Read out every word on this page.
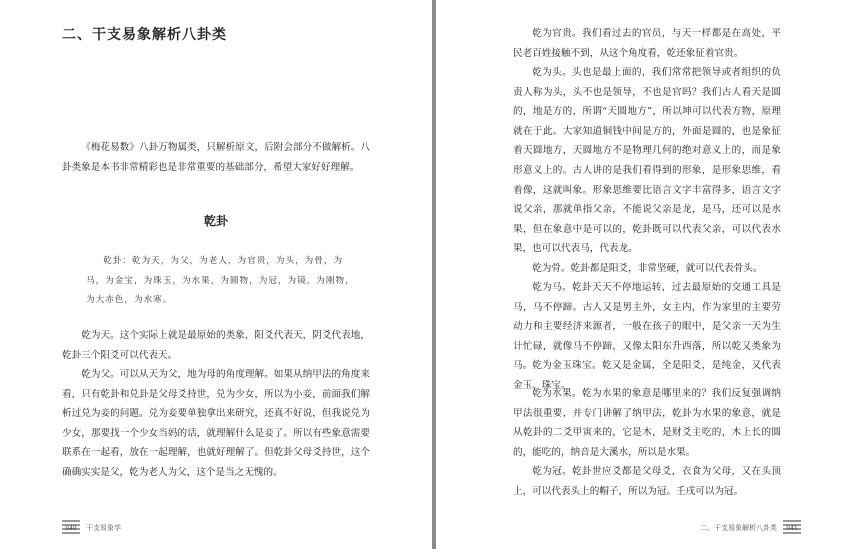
二、干支易象解析八卦类

《梅花易数》八卦万物属类，只解析原文，后附会部分不做解析。八卦类象是本书非常精彩也是非常重要的基础部分，希望大家好好理解。

乾卦

乾卦：乾为天，为父，为老人，为官贵，为头，为骨，为马，为金宝，为珠玉，为水果，为圆物，为冠，为镜，为刚物，为大赤色，为水寒。

乾为天。这个实际上就是最原始的类象，阳爻代表天，阴爻代表地，乾卦三个阳爻可以代表天。

乾为父。可以从天为父，地为母的角度理解。如果从纳甲法的角度来看，只有乾卦和兑卦是父母爻持世，兑为少女，所以为小妾，前面我们解析过兑为妾的问题。兑为妾要单独拿出来研究，还真不好说，但我说兑为少女，那要找一个少女当妈的话，就理解什么是妾了。所以有些象意需要联系在一起看，放在一起理解，也就好理解了。但乾卦父母爻持世，这个确确实实是父，乾为老人为父，这个是当之无愧的。

040	干支易象学

乾为官贵。我们看过去的官员，与天一样都是在高处，平民老百姓接触不到，从这个角度看，乾还象征着官贵。

乾为头。头也是最上面的，我们常常把领导或者组织的负责人称为头，头不也是领导，不也是官吗？我们古人看天是圆的，地是方的，所谓“天圆地方”，所以坤可以代表方物，原理就在于此。大家知道铜钱中间是方的，外面是圆的，也是象征着天圆地方，天圆地方不是物理几何的绝对意义上的，而是象形意义上的。古人讲的是我们看得到的形象，是形象思维，看着像，这就叫象。形象思维要比语言文字丰富得多，语言文字说父亲，那就单指父亲，不能说父亲是龙，是马，还可以是水果，但在象意中是可以的，乾卦既可以代表父亲，可以代表水果，也可以代表马，代表龙。

乾为骨。乾卦都是阳爻，非常坚硬，就可以代表骨头。

乾为马。乾卦天天不停地运转，过去最原始的交通工具是马，马不停蹄。古人又是男主外，女主内，作为家里的主要劳动力和主要经济来源者，一般在孩子的眼中，是父亲一天为生计忙碌，就像马不停蹄，又像太阳东升西落，所以乾又类象为马。 乾为金玉珠宝。乾又是金属，全是阳爻，是纯金，又代表金玉、珠宝。

乾为水果。乾为水果的象意是哪里来的？我们反复强调纳甲法很重要，并专门讲解了纳甲法，乾卦为水果的象意，就是从乾卦的二爻甲寅来的，它是木，是财爻主吃的，木上长的圆的，能吃的，纳音是大溪水，所以是水果。

乾为冠。乾卦世应爻都是父母爻，衣食为父母，又在头顶上，可以代表头上的帽子，所以为冠。壬戌可以为冠。

二、干支易象解析八卦类	041
